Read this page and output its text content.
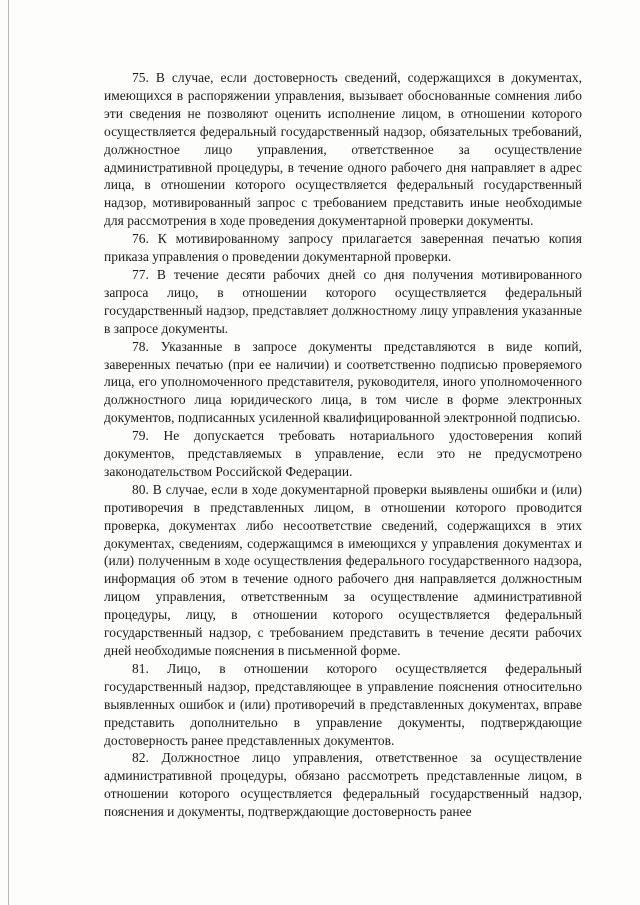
75. В случае, если достоверность сведений, содержащихся в документах, имеющихся в распоряжении управления, вызывает обоснованные сомнения либо эти сведения не позволяют оценить исполнение лицом, в отношении которого осуществляется федеральный государственный надзор, обязательных требований, должностное лицо управления, ответственное за осуществление административной процедуры, в течение одного рабочего дня направляет в адрес лица, в отношении которого осуществляется федеральный государственный надзор, мотивированный запрос с требованием представить иные необходимые для рассмотрения в ходе проведения документарной проверки документы.

76. К мотивированному запросу прилагается заверенная печатью копия приказа управления о проведении документарной проверки.

77. В течение десяти рабочих дней со дня получения мотивированного запроса лицо, в отношении которого осуществляется федеральный государственный надзор, представляет должностному лицу управления указанные в запросе документы.

78. Указанные в запросе документы представляются в виде копий, заверенных печатью (при ее наличии) и соответственно подписью проверяемого лица, его уполномоченного представителя, руководителя, иного уполномоченного должностного лица юридического лица, в том числе в форме электронных документов, подписанных усиленной квалифицированной электронной подписью.

79. Не допускается требовать нотариального удостоверения копий документов, представляемых в управление, если это не предусмотрено законодательством Российской Федерации.

80. В случае, если в ходе документарной проверки выявлены ошибки и (или) противоречия в представленных лицом, в отношении которого проводится проверка, документах либо несоответствие сведений, содержащихся в этих документах, сведениям, содержащимся в имеющихся у управления документах и (или) полученным в ходе осуществления федерального государственного надзора, информация об этом в течение одного рабочего дня направляется должностным лицом управления, ответственным за осуществление административной процедуры, лицу, в отношении которого осуществляется федеральный государственный надзор, с требованием представить в течение десяти рабочих дней необходимые пояснения в письменной форме.

81. Лицо, в отношении которого осуществляется федеральный государственный надзор, представляющее в управление пояснения относительно выявленных ошибок и (или) противоречий в представленных документах, вправе представить дополнительно в управление документы, подтверждающие достоверность ранее представленных документов.

82. Должностное лицо управления, ответственное за осуществление административной процедуры, обязано рассмотреть представленные лицом, в отношении которого осуществляется федеральный государственный надзор, пояснения и документы, подтверждающие достоверность ранее
